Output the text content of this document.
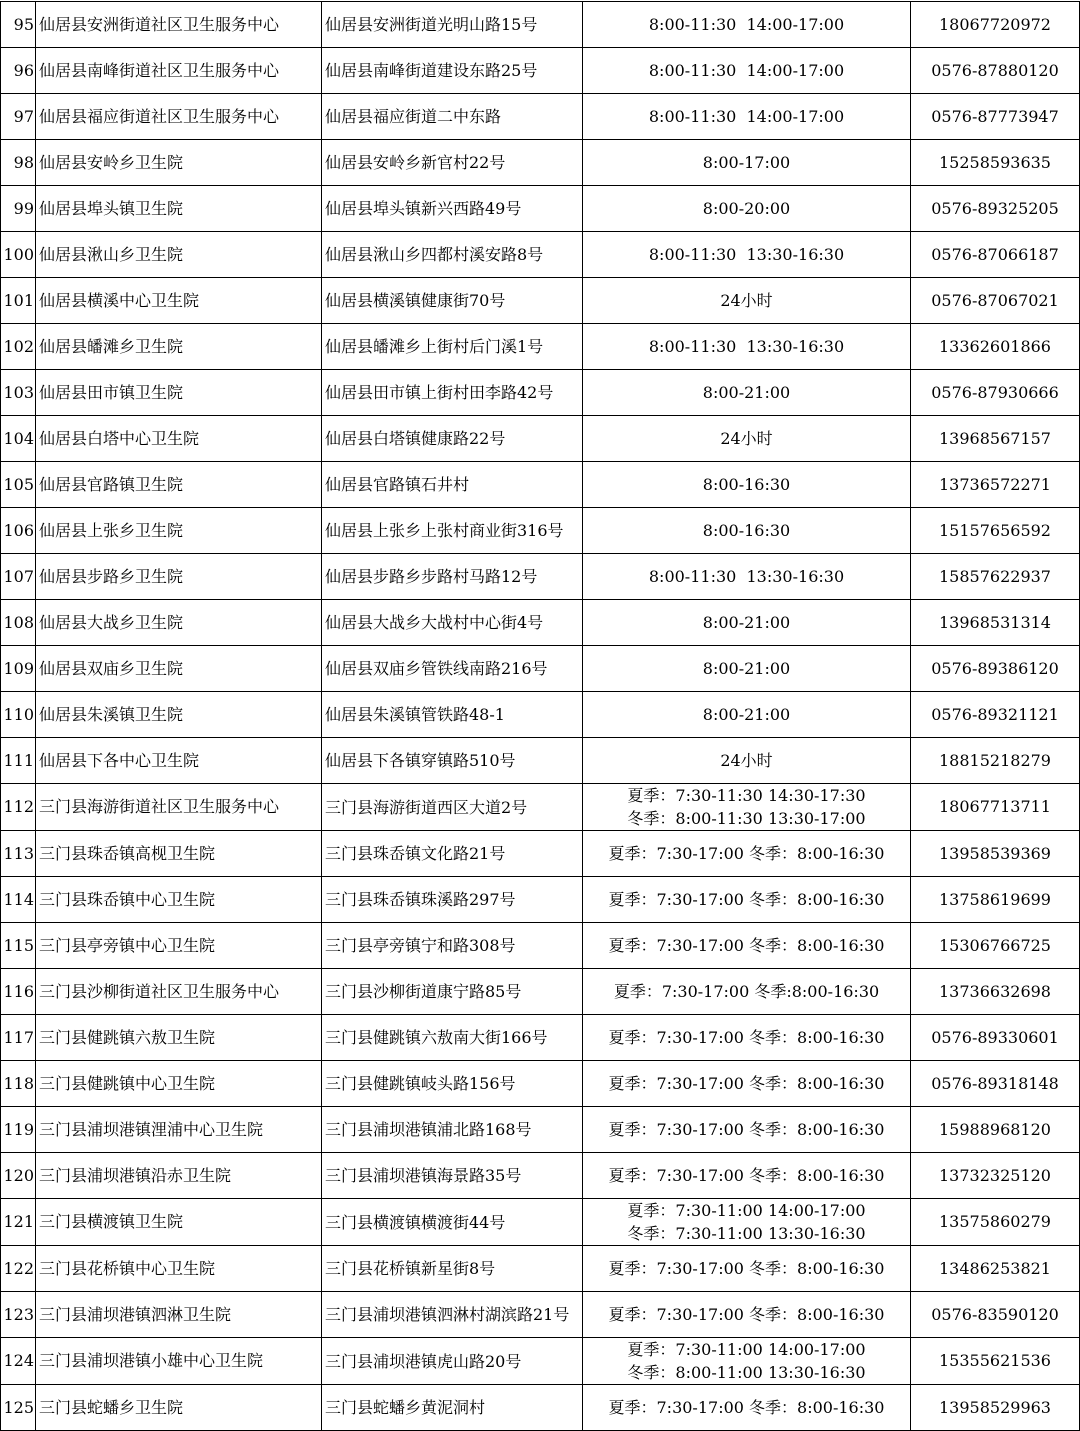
95	仙居县安洲街道社区卫生服务中心	仙居县安洲街道光明山路15号	8:00-11:30  14:00-17:00	18067720972
96	仙居县南峰街道社区卫生服务中心	仙居县南峰街道建设东路25号	8:00-11:30  14:00-17:00	0576-87880120
97	仙居县福应街道社区卫生服务中心	仙居县福应街道二中东路	8:00-11:30  14:00-17:00	0576-87773947
98	仙居县安岭乡卫生院	仙居县安岭乡新官村22号	8:00-17:00	15258593635
99	仙居县埠头镇卫生院	仙居县埠头镇新兴西路49号	8:00-20:00	0576-89325205
100	仙居县湫山乡卫生院	仙居县湫山乡四都村溪安路8号	8:00-11:30  13:30-16:30	0576-87066187
101	仙居县横溪中心卫生院	仙居县横溪镇健康街70号	24小时	0576-87067021
102	仙居县皤滩乡卫生院	仙居县皤滩乡上街村后门溪1号	8:00-11:30  13:30-16:30	13362601866
103	仙居县田市镇卫生院	仙居县田市镇上街村田李路42号	8:00-21:00	0576-87930666
104	仙居县白塔中心卫生院	仙居县白塔镇健康路22号	24小时	13968567157
105	仙居县官路镇卫生院	仙居县官路镇石井村	8:00-16:30	13736572271
106	仙居县上张乡卫生院	仙居县上张乡上张村商业街316号	8:00-16:30	15157656592
107	仙居县步路乡卫生院	仙居县步路乡步路村马路12号	8:00-11:30  13:30-16:30	15857622937
108	仙居县大战乡卫生院	仙居县大战乡大战村中心街4号	8:00-21:00	13968531314
109	仙居县双庙乡卫生院	仙居县双庙乡管铁线南路216号	8:00-21:00	0576-89386120
110	仙居县朱溪镇卫生院	仙居县朱溪镇管铁路48-1	8:00-21:00	0576-89321121
111	仙居县下各中心卫生院	仙居县下各镇穿镇路510号	24小时	18815218279
112	三门县海游街道社区卫生服务中心	三门县海游街道西区大道2号	夏季：7:30-11:30 14:30-17:30
冬季：8:00-11:30 13:30-17:00	18067713711
113	三门县珠岙镇高枧卫生院	三门县珠岙镇文化路21号	夏季：7:30-17:00 冬季：8:00-16:30	13958539369
114	三门县珠岙镇中心卫生院	三门县珠岙镇珠溪路297号	夏季：7:30-17:00 冬季：8:00-16:30	13758619699
115	三门县亭旁镇中心卫生院	三门县亭旁镇宁和路308号	夏季：7:30-17:00 冬季：8:00-16:30	15306766725
116	三门县沙柳街道社区卫生服务中心	三门县沙柳街道康宁路85号	夏季：7:30-17:00 冬季:8:00-16:30	13736632698
117	三门县健跳镇六敖卫生院	三门县健跳镇六敖南大街166号	夏季：7:30-17:00 冬季：8:00-16:30	0576-89330601
118	三门县健跳镇中心卫生院	三门县健跳镇岐头路156号	夏季：7:30-17:00 冬季：8:00-16:30	0576-89318148
119	三门县浦坝港镇浬浦中心卫生院	三门县浦坝港镇浦北路168号	夏季：7:30-17:00 冬季：8:00-16:30	15988968120
120	三门县浦坝港镇沿赤卫生院	三门县浦坝港镇海景路35号	夏季：7:30-17:00 冬季：8:00-16:30	13732325120
121	三门县横渡镇卫生院	三门县横渡镇横渡街44号	夏季：7:30-11:00 14:00-17:00
冬季：7:30-11:00 13:30-16:30	13575860279
122	三门县花桥镇中心卫生院	三门县花桥镇新星街8号	夏季：7:30-17:00 冬季：8:00-16:30	13486253821
123	三门县浦坝港镇泗淋卫生院	三门县浦坝港镇泗淋村湖滨路21号	夏季：7:30-17:00 冬季：8:00-16:30	0576-83590120
124	三门县浦坝港镇小雄中心卫生院	三门县浦坝港镇虎山路20号	夏季：7:30-11:00 14:00-17:00
冬季：8:00-11:00 13:30-16:30	15355621536
125	三门县蛇蟠乡卫生院	三门县蛇蟠乡黄泥洞村	夏季：7:30-17:00 冬季：8:00-16:30	13958529963
